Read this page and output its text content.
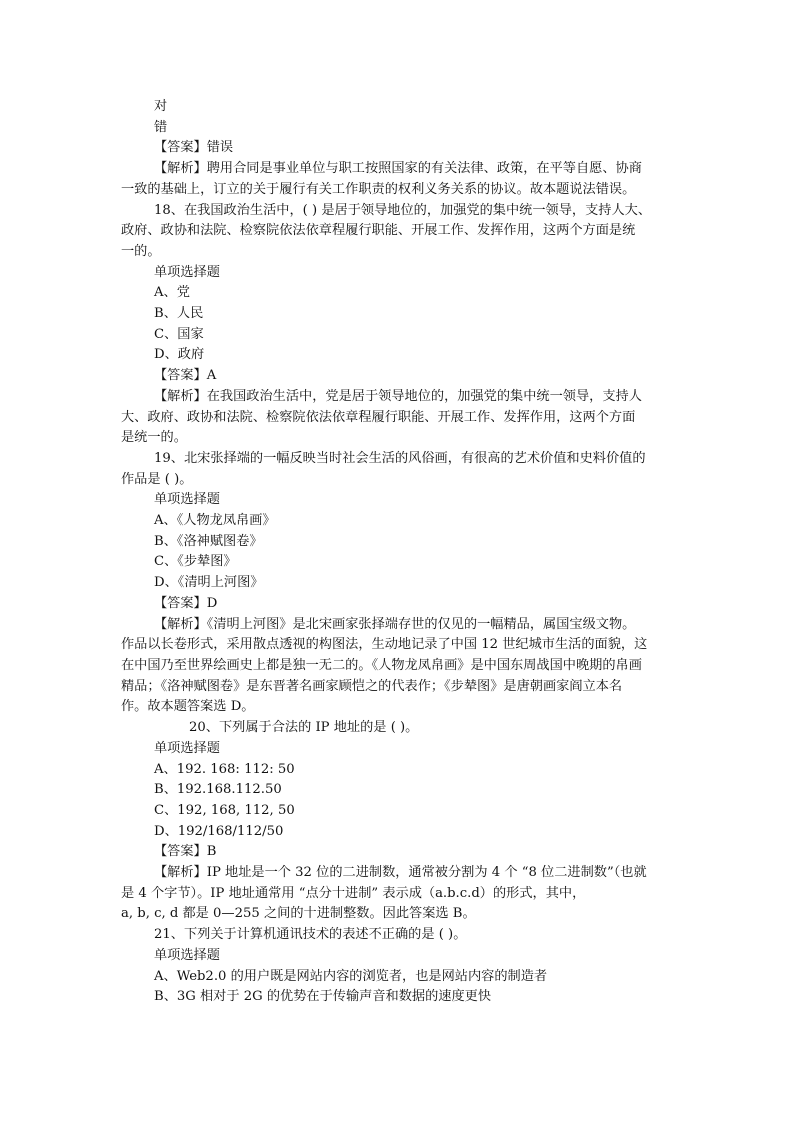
对
错
【答案】错误
【解析】聘用合同是事业单位与职工按照国家的有关法律、政策，在平等自愿、协商
一致的基础上，订立的关于履行有关工作职责的权利义务关系的协议。故本题说法错误。
18、在我国政治生活中，( ) 是居于领导地位的，加强党的集中统一领导，支持人大、
政府、政协和法院、检察院依法依章程履行职能、开展工作、发挥作用，这两个方面是统
一的。
单项选择题
A、党
B、人民
C、国家
D、政府
【答案】A
【解析】在我国政治生活中，党是居于领导地位的，加强党的集中统一领导，支持人
大、政府、政协和法院、检察院依法依章程履行职能、开展工作、发挥作用，这两个方面
是统一的。
19、北宋张择端的一幅反映当时社会生活的风俗画，有很高的艺术价值和史料价值的
作品是 ( )。
单项选择题
A、《人物龙凤帛画》
B、《洛神赋图卷》
C、《步辇图》
D、《清明上河图》
【答案】D
【解析】《清明上河图》是北宋画家张择端存世的仅见的一幅精品，属国宝级文物。
作品以长卷形式，采用散点透视的构图法，生动地记录了中国 12 世纪城市生活的面貌，这
在中国乃至世界绘画史上都是独一无二的。《人物龙凤帛画》是中国东周战国中晚期的帛画
精品；《洛神赋图卷》是东晋著名画家顾恺之的代表作；《步辇图》是唐朝画家阎立本名
作。故本题答案选 D。
20、下列属于合法的 IP 地址的是 ( )。
单项选择题
A、192. 168: 112: 50
B、192.168.112.50
C、192, 168, 112, 50
D、192/168/112/50
【答案】B
【解析】IP 地址是一个 32 位的二进制数，通常被分割为 4 个 “8 位二进制数”（也就
是 4 个字节）。IP 地址通常用 “点分十进制” 表示成（a.b.c.d）的形式，其中，
a, b, c, d 都是 0—255 之间的十进制整数。因此答案选 B。
21、下列关于计算机通讯技术的表述不正确的是 ( )。
单项选择题
A、Web2.0 的用户既是网站内容的浏览者，也是网站内容的制造者
B、3G 相对于 2G 的优势在于传输声音和数据的速度更快
